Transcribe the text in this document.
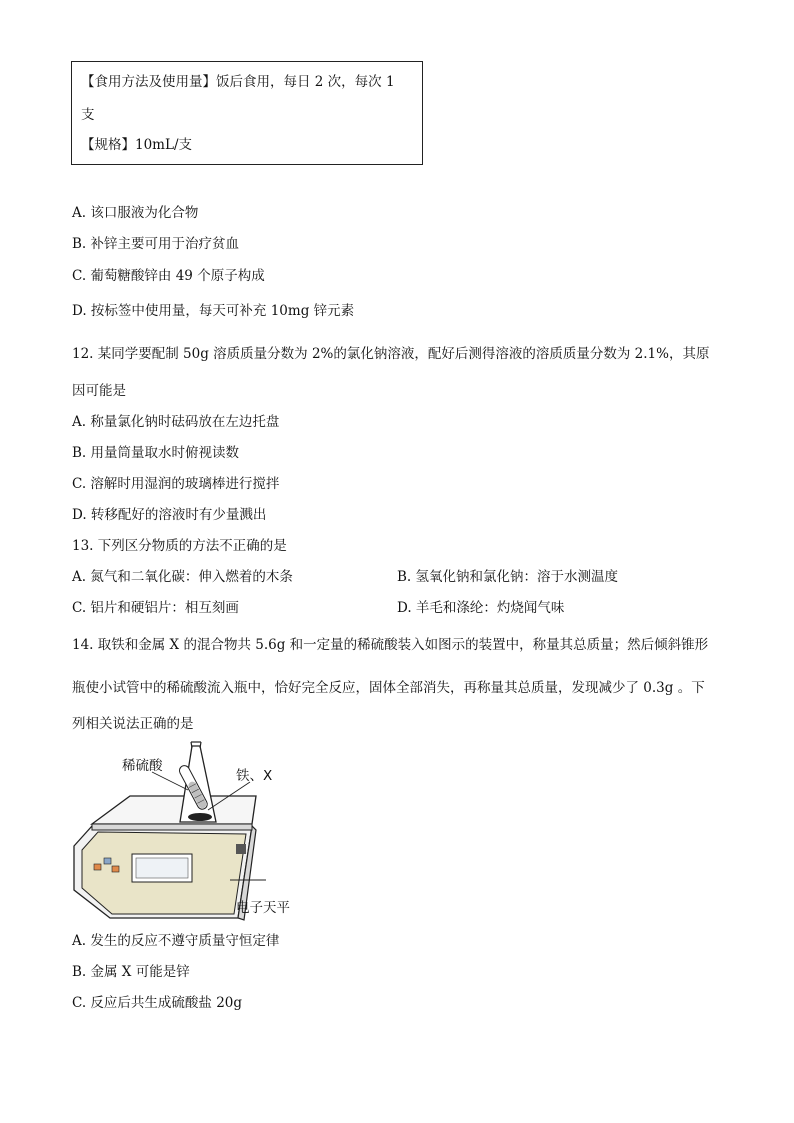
【食用方法及使用量】饭后食用，每日 2 次，每次 1
支
【规格】10mL/支
A. 该口服液为化合物
B. 补锌主要可用于治疗贫血
C. 葡萄糖酸锌由 49 个原子构成
D. 按标签中使用量，每天可补充 10mg 锌元素
12. 某同学要配制 50g 溶质质量分数为 2%的氯化钠溶液，配好后测得溶液的溶质质量分数为 2.1%，其原
因可能是
A. 称量氯化钠时砝码放在左边托盘
B. 用量筒量取水时俯视读数
C. 溶解时用湿润的玻璃棒进行搅拌
D. 转移配好的溶液时有少量溅出
13. 下列区分物质的方法不正确的是
A. 氮气和二氧化碳：伸入燃着的木条	B. 氢氧化钠和氯化钠：溶于水测温度
C. 铝片和硬铝片：相互刻画	D. 羊毛和涤纶：灼烧闻气味
14. 取铁和金属 X 的混合物共 5.6g 和一定量的稀硫酸装入如图示的装置中，称量其总质量；然后倾斜锥形
瓶使小试管中的稀硫酸流入瓶中，恰好完全反应，固体全部消失，再称量其总质量，发现减少了 0.3g 。下
列相关说法正确的是
稀硫酸
铁、X
电子天平
A. 发生的反应不遵守质量守恒定律
B. 金属 X 可能是锌
C. 反应后共生成硫酸盐 20g
